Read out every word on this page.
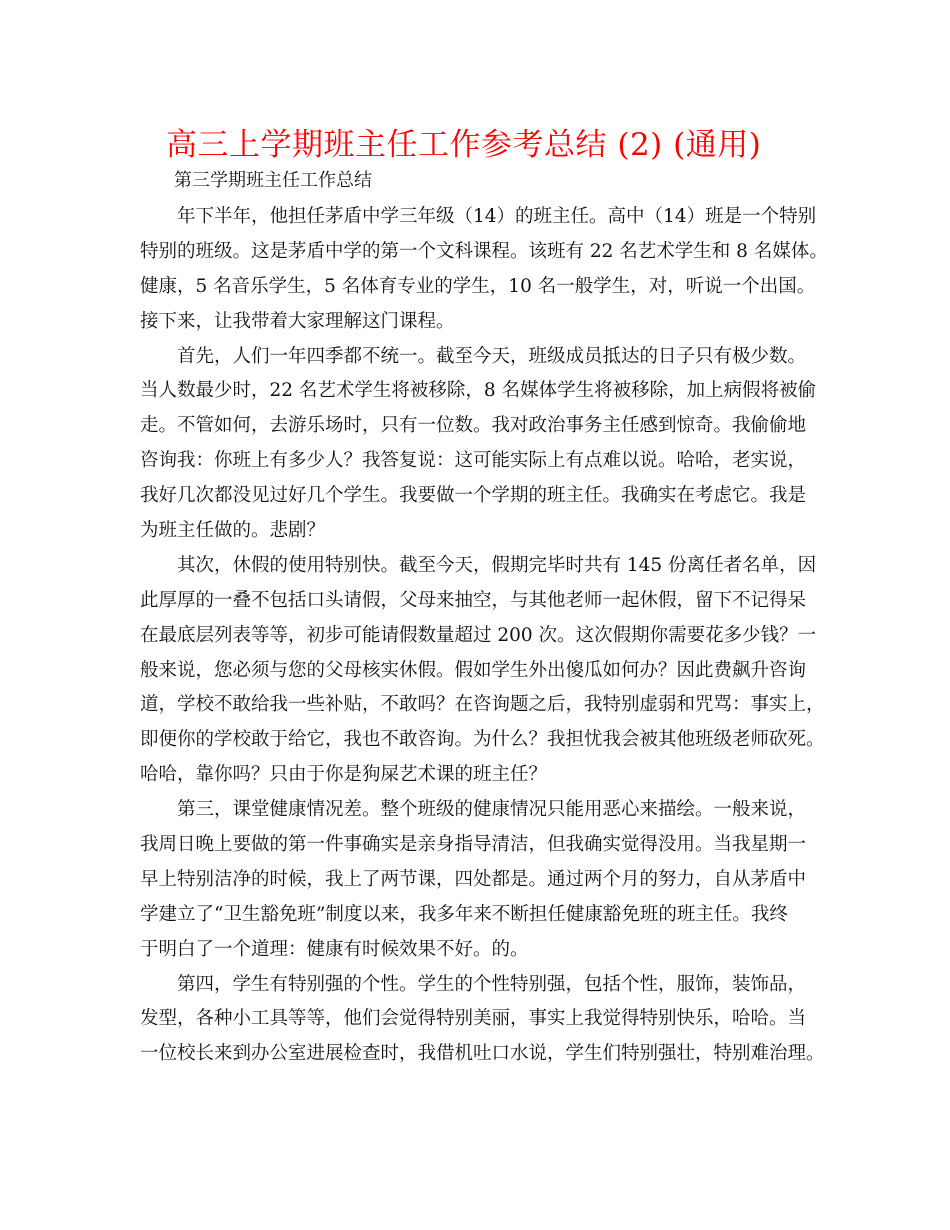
高三上学期班主任工作参考总结 (2) (通用)
第三学期班主任工作总结
年下半年，他担任茅盾中学三年级（14）的班主任。高中（14）班是一个特别
特别的班级。这是茅盾中学的第一个文科课程。该班有 22 名艺术学生和 8 名媒体。
健康，5 名音乐学生，5 名体育专业的学生，10 名一般学生，对，听说一个出国。
接下来，让我带着大家理解这门课程。
首先，人们一年四季都不统一。截至今天，班级成员抵达的日子只有极少数。
当人数最少时，22 名艺术学生将被移除，8 名媒体学生将被移除，加上病假将被偷
走。不管如何，去游乐场时，只有一位数。我对政治事务主任感到惊奇。我偷偷地
咨询我：你班上有多少人？我答复说：这可能实际上有点难以说。哈哈，老实说，
我好几次都没见过好几个学生。我要做一个学期的班主任。我确实在考虑它。我是
为班主任做的。悲剧？
其次，休假的使用特别快。截至今天，假期完毕时共有 145 份离任者名单，因
此厚厚的一叠不包括口头请假，父母来抽空，与其他老师一起休假，留下不记得呆
在最底层列表等等，初步可能请假数量超过 200 次。这次假期你需要花多少钱？一
般来说，您必须与您的父母核实休假。假如学生外出傻瓜如何办？因此费飙升咨询
道，学校不敢给我一些补贴，不敢吗？在咨询题之后，我特别虚弱和咒骂：事实上，
即便你的学校敢于给它，我也不敢咨询。为什么？我担忧我会被其他班级老师砍死。
哈哈，靠你吗？只由于你是狗屎艺术课的班主任？
第三，课堂健康情况差。整个班级的健康情况只能用恶心来描绘。一般来说，
我周日晚上要做的第一件事确实是亲身指导清洁，但我确实觉得没用。当我星期一
早上特别洁净的时候，我上了两节课，四处都是。通过两个月的努力，自从茅盾中
学建立了“卫生豁免班”制度以来，我多年来不断担任健康豁免班的班主任。我终
于明白了一个道理：健康有时候效果不好。的。
第四，学生有特别强的个性。学生的个性特别强，包括个性，服饰，装饰品，
发型，各种小工具等等，他们会觉得特别美丽，事实上我觉得特别快乐，哈哈。当
一位校长来到办公室进展检查时，我借机吐口水说，学生们特别强壮，特别难治理。
